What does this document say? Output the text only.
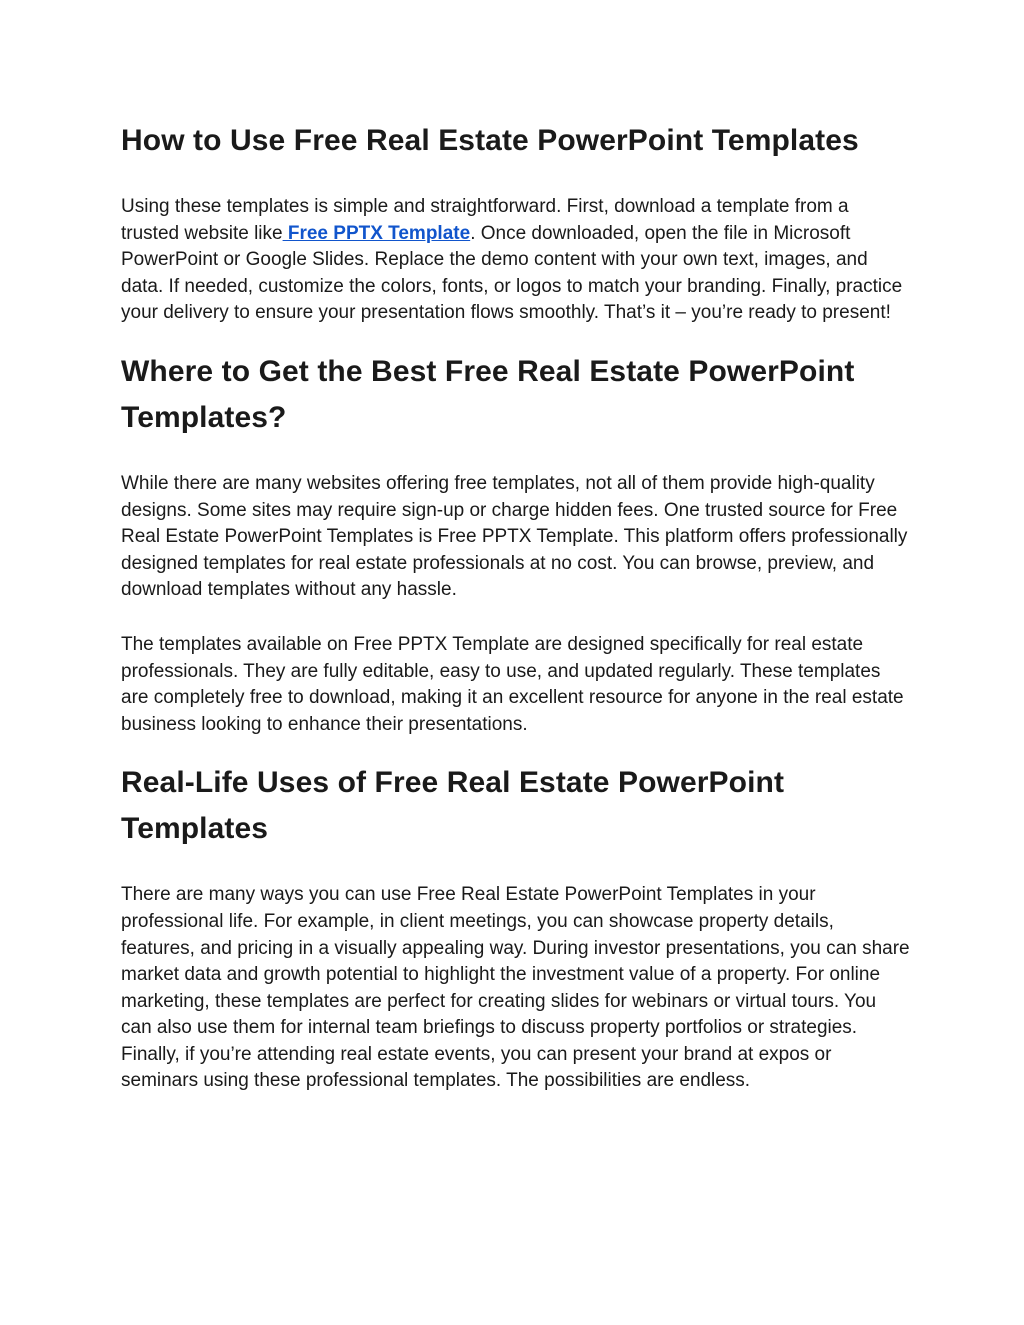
How to Use Free Real Estate PowerPoint Templates

Using these templates is simple and straightforward. First, download a template from a trusted website like Free PPTX Template. Once downloaded, open the file in Microsoft PowerPoint or Google Slides. Replace the demo content with your own text, images, and data. If needed, customize the colors, fonts, or logos to match your branding. Finally, practice your delivery to ensure your presentation flows smoothly. That’s it – you’re ready to present!

Where to Get the Best Free Real Estate PowerPoint Templates?

While there are many websites offering free templates, not all of them provide high-quality designs. Some sites may require sign-up or charge hidden fees. One trusted source for Free Real Estate PowerPoint Templates is Free PPTX Template. This platform offers professionally designed templates for real estate professionals at no cost. You can browse, preview, and download templates without any hassle.

The templates available on Free PPTX Template are designed specifically for real estate professionals. They are fully editable, easy to use, and updated regularly. These templates are completely free to download, making it an excellent resource for anyone in the real estate business looking to enhance their presentations.

Real-Life Uses of Free Real Estate PowerPoint Templates

There are many ways you can use Free Real Estate PowerPoint Templates in your professional life. For example, in client meetings, you can showcase property details, features, and pricing in a visually appealing way. During investor presentations, you can share market data and growth potential to highlight the investment value of a property. For online marketing, these templates are perfect for creating slides for webinars or virtual tours. You can also use them for internal team briefings to discuss property portfolios or strategies. Finally, if you’re attending real estate events, you can present your brand at expos or seminars using these professional templates. The possibilities are endless.
